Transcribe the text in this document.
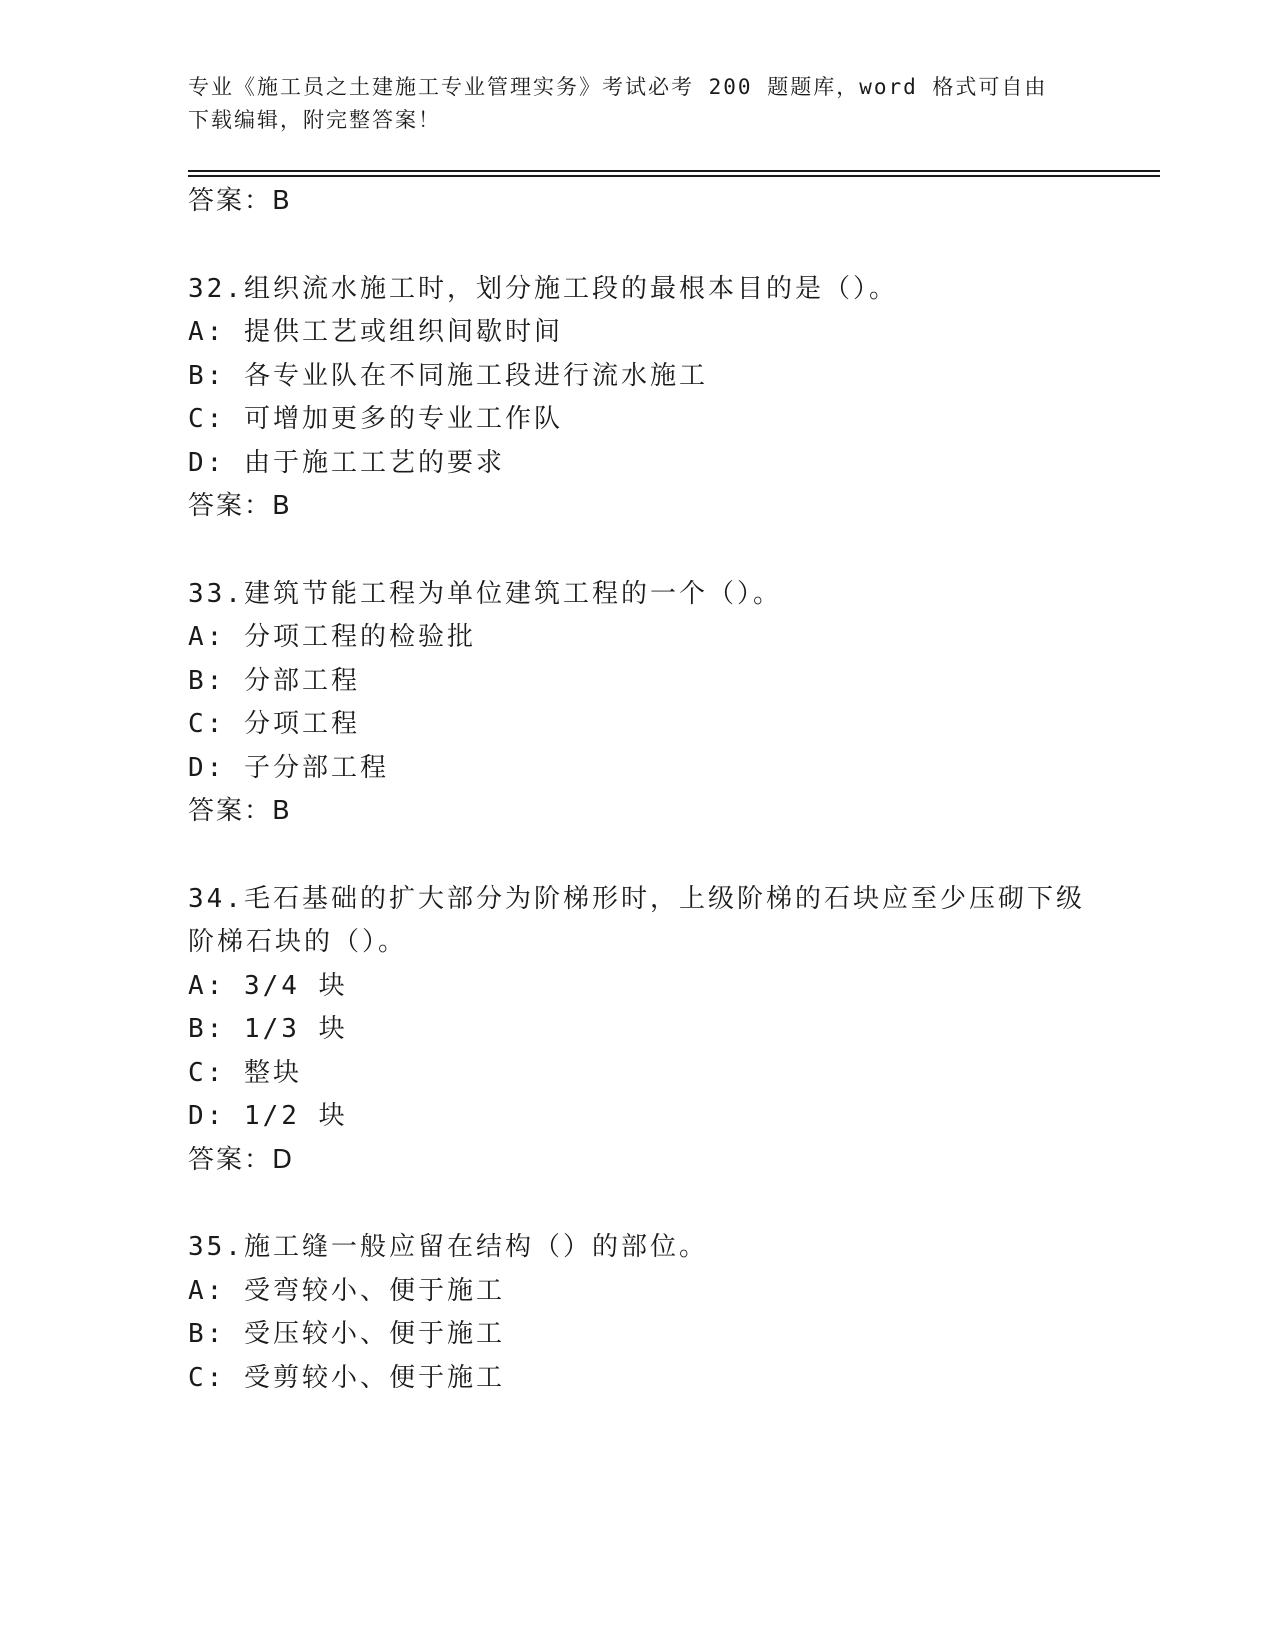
专业《施工员之土建施工专业管理实务》考试必考 200 题题库，word 格式可自由
下载编辑，附完整答案！
答案：B
32.组织流水施工时，划分施工段的最根本目的是（）。
A: 提供工艺或组织间歇时间
B: 各专业队在不同施工段进行流水施工
C: 可增加更多的专业工作队
D: 由于施工工艺的要求
答案：B
33.建筑节能工程为单位建筑工程的一个（）。
A: 分项工程的检验批
B: 分部工程
C: 分项工程
D: 子分部工程
答案：B
34.毛石基础的扩大部分为阶梯形时，上级阶梯的石块应至少压砌下级
阶梯石块的（）。
A: 3/4 块
B: 1/3 块
C: 整块
D: 1/2 块
答案：D
35.施工缝一般应留在结构（）的部位。
A: 受弯较小、便于施工
B: 受压较小、便于施工
C: 受剪较小、便于施工
